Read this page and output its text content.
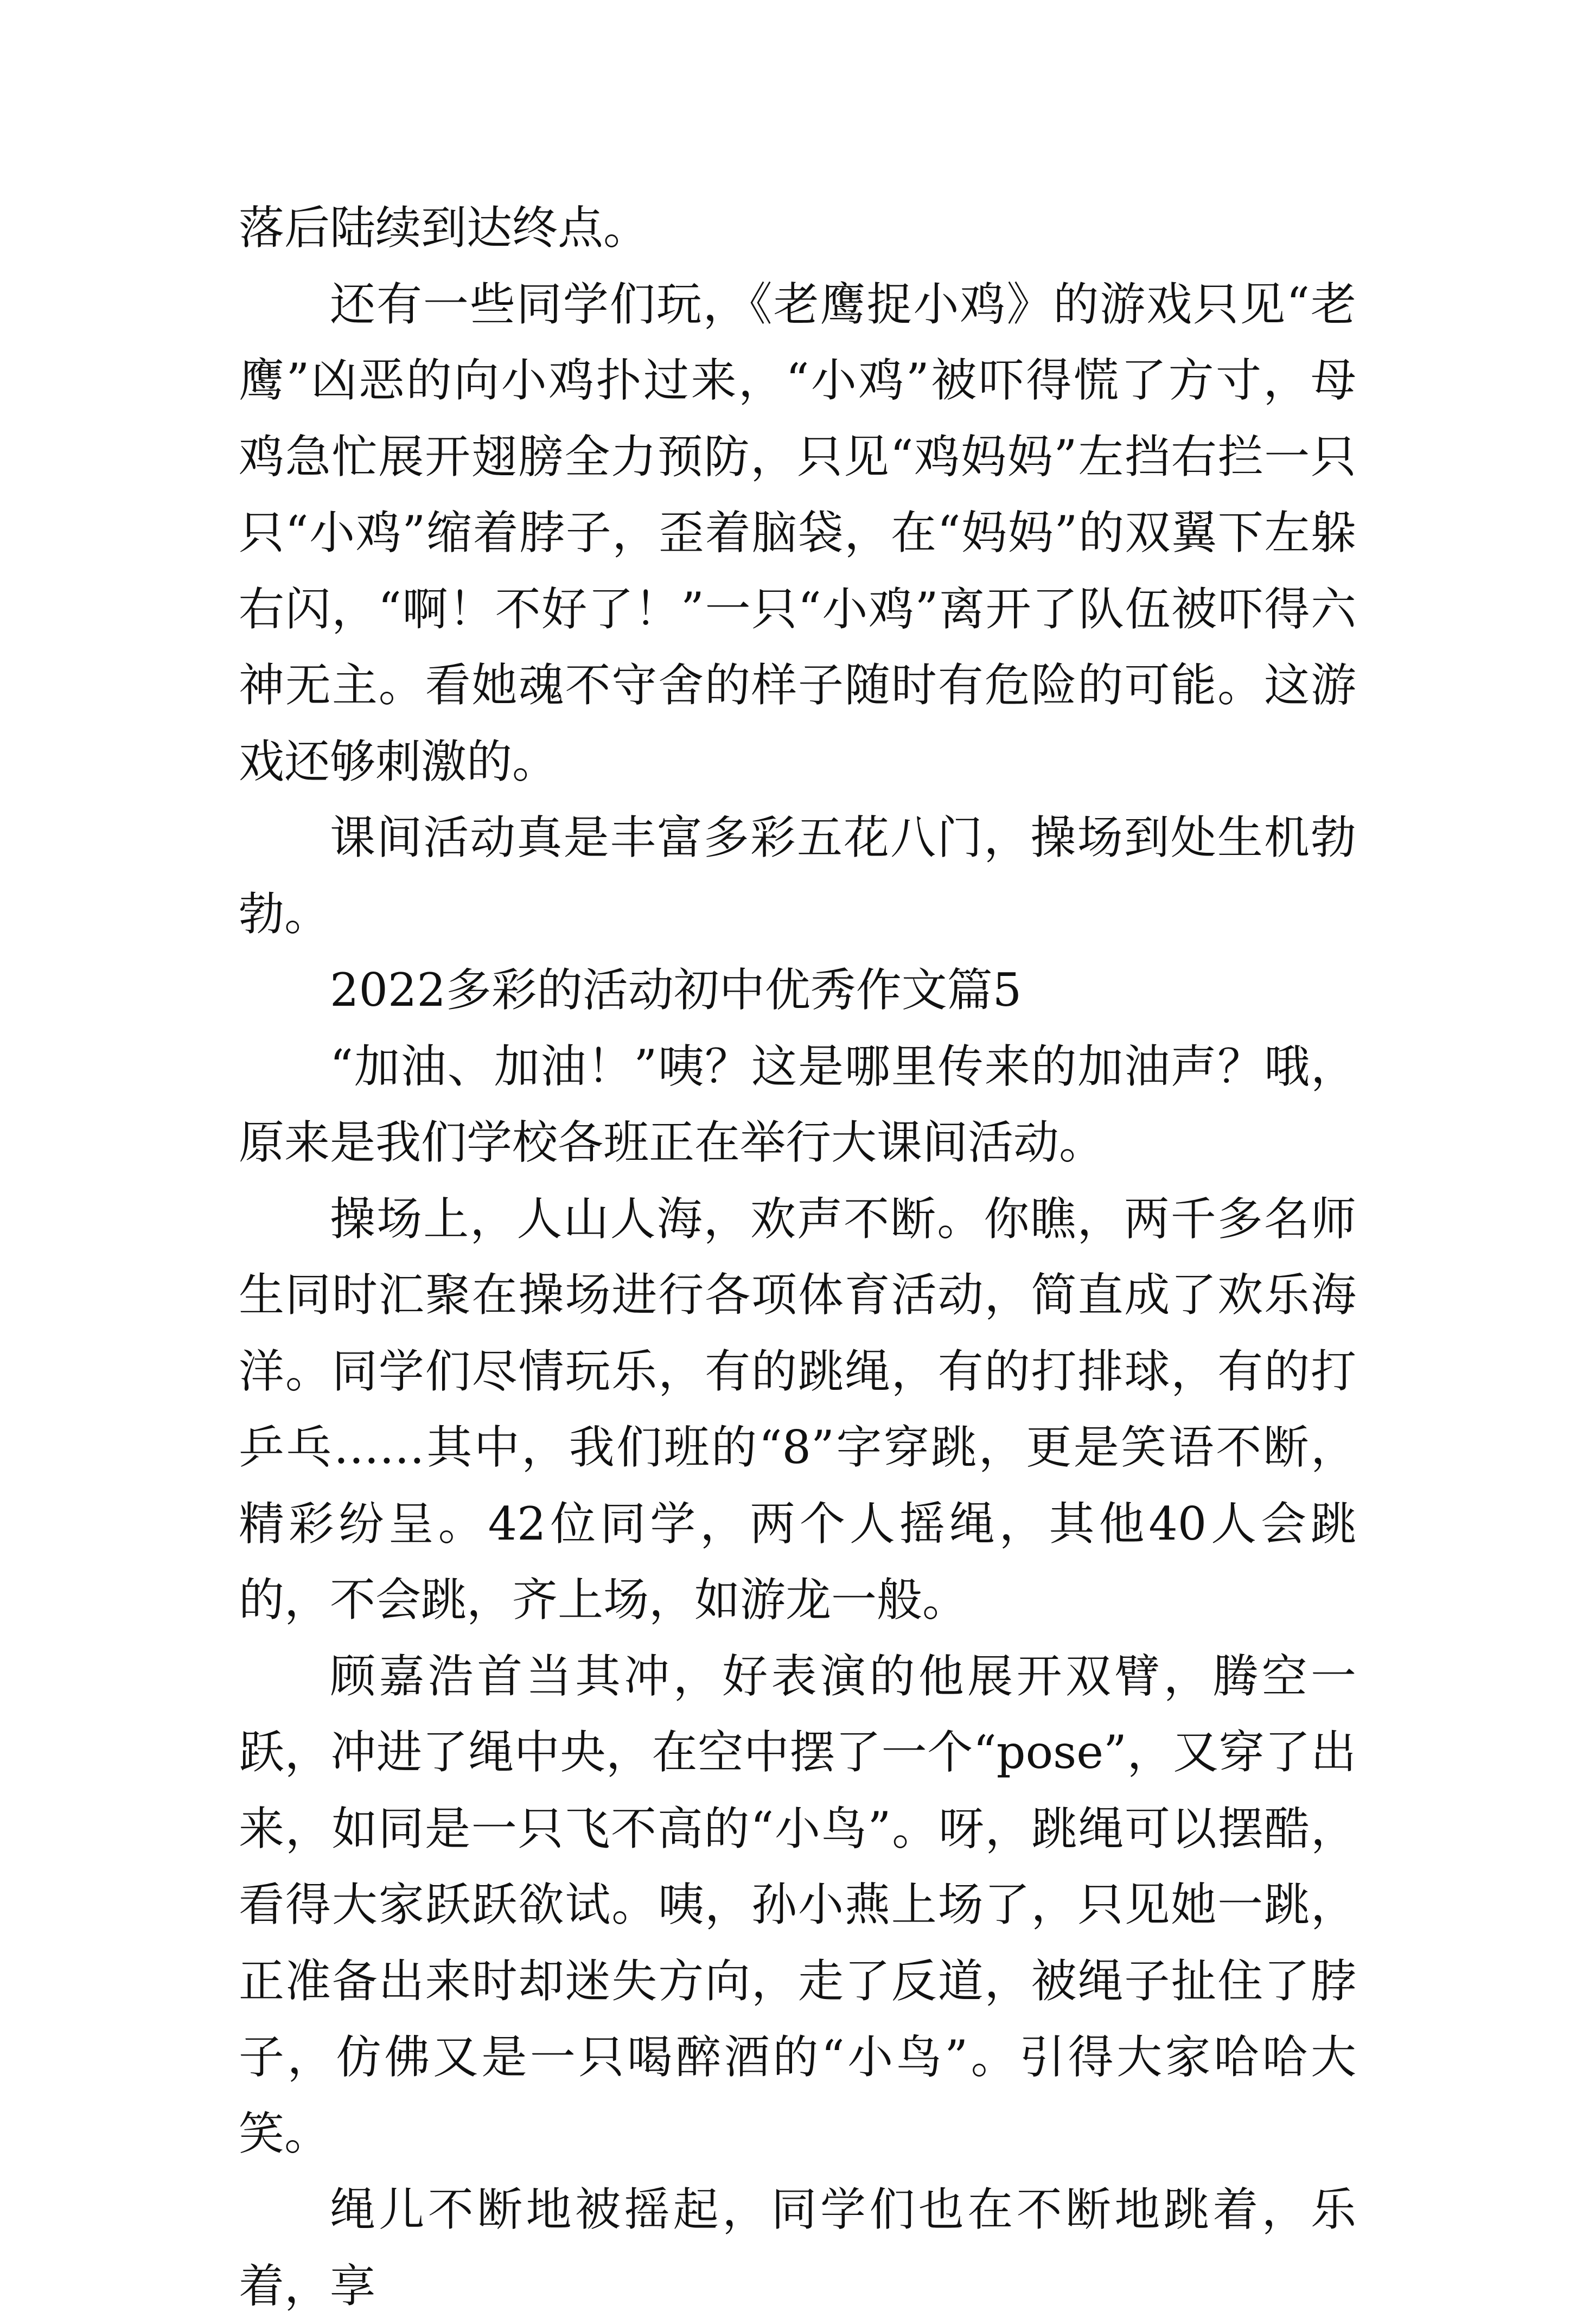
落后陆续到达终点。

还有一些同学们玩，《老鹰捉小鸡》的游戏只见“老鹰”凶恶的向小鸡扑过来，“小鸡”被吓得慌了方寸，母鸡急忙展开翅膀全力预防，只见“鸡妈妈”左挡右拦一只只“小鸡”缩着脖子，歪着脑袋，在“妈妈”的双翼下左躲右闪，“啊！不好了！”一只“小鸡”离开了队伍被吓得六神无主。看她魂不守舍的样子随时有危险的可能。这游戏还够刺激的。

课间活动真是丰富多彩五花八门，操场到处生机勃勃。

2022多彩的活动初中优秀作文篇5

“加油、加油！”咦？这是哪里传来的加油声？哦，原来是我们学校各班正在举行大课间活动。

操场上，人山人海，欢声不断。你瞧，两千多名师生同时汇聚在操场进行各项体育活动，简直成了欢乐海洋。同学们尽情玩乐，有的跳绳，有的打排球，有的打乒乓……其中，我们班的“8”字穿跳，更是笑语不断，精彩纷呈。42位同学，两个人摇绳，其他40人会跳的，不会跳，齐上场，如游龙一般。

顾嘉浩首当其冲，好表演的他展开双臂，腾空一跃，冲进了绳中央，在空中摆了一个“pose”，又穿了出来，如同是一只飞不高的“小鸟”。呀，跳绳可以摆酷，看得大家跃跃欲试。咦，孙小燕上场了，只见她一跳，正准备出来时却迷失方向，走了反道，被绳子扯住了脖子，仿佛又是一只喝醉酒的“小鸟”。引得大家哈哈大笑。

绳儿不断地被摇起，同学们也在不断地跳着，乐着，享
